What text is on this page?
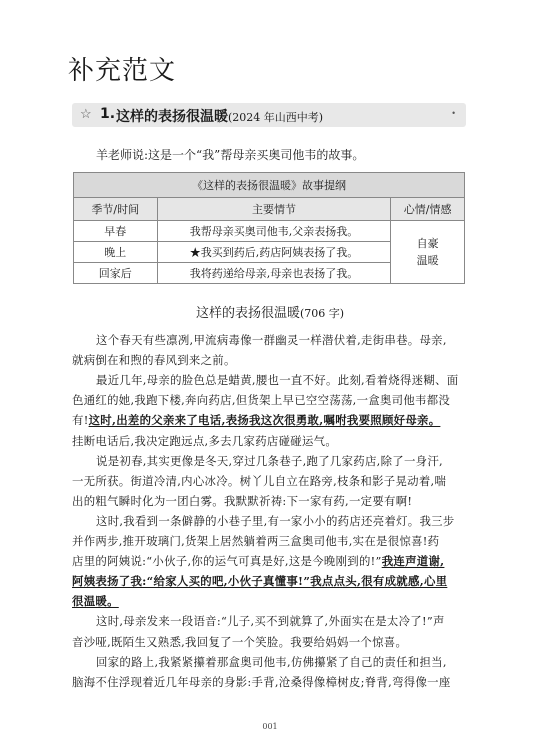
补充范文
☆ 1. 这样的表扬很温暖(2024 年山西中考)	•
羊老师说:这是一个“我”帮母亲买奥司他韦的故事。
《这样的表扬很温暖》故事提纲		
季节/时间	主要情节	心情/情感
早春	我帮母亲买奥司他韦,父亲表扬我。	自豪
温暖

晚上	★我买到药后,药店阿姨表扬了我。	
回家后	我将药递给母亲,母亲也表扬了我。	
这样的表扬很温暖(706 字)
这个春天有些凛冽,甲流病毒像一群幽灵一样潜伏着,走街串巷。母亲,
就病倒在和煦的春风到来之前。
最近几年,母亲的脸色总是蜡黄,腰也一直不好。此刻,看着烧得迷糊、面
色通红的她,我跑下楼,奔向药店,但货架上早已空空荡荡,一盒奥司他韦都没
有!这时,出差的父亲来了电话,表扬我这次很勇敢,嘱咐我要照顾好母亲。
挂断电话后,我决定跑远点,多去几家药店碰碰运气。
说是初春,其实更像是冬天,穿过几条巷子,跑了几家药店,除了一身汗,
一无所获。街道冷清,内心冰冷。树丫儿自立在路旁,枝条和影子晃动着,喘
出的粗气瞬时化为一团白雾。我默默祈祷:下一家有药,一定要有啊!
这时,我看到一条僻静的小巷子里,有一家小小的药店还亮着灯。我三步
并作两步,推开玻璃门,货架上居然躺着两三盒奥司他韦,实在是很惊喜!药
店里的阿姨说:“小伙子,你的运气可真是好,这是今晚刚到的!”我连声道谢,
阿姨表扬了我:“给家人买的吧,小伙子真懂事!”我点点头,很有成就感,心里
很温暖。
这时,母亲发来一段语音:“儿子,买不到就算了,外面实在是太冷了!”声
音沙哑,既陌生又熟悉,我回复了一个笑脸。我要给妈妈一个惊喜。
回家的路上,我紧紧攥着那盒奥司他韦,仿佛攥紧了自己的责任和担当,
脑海不住浮现着近几年母亲的身影:手背,沧桑得像樟树皮;脊背,弯得像一座
001
